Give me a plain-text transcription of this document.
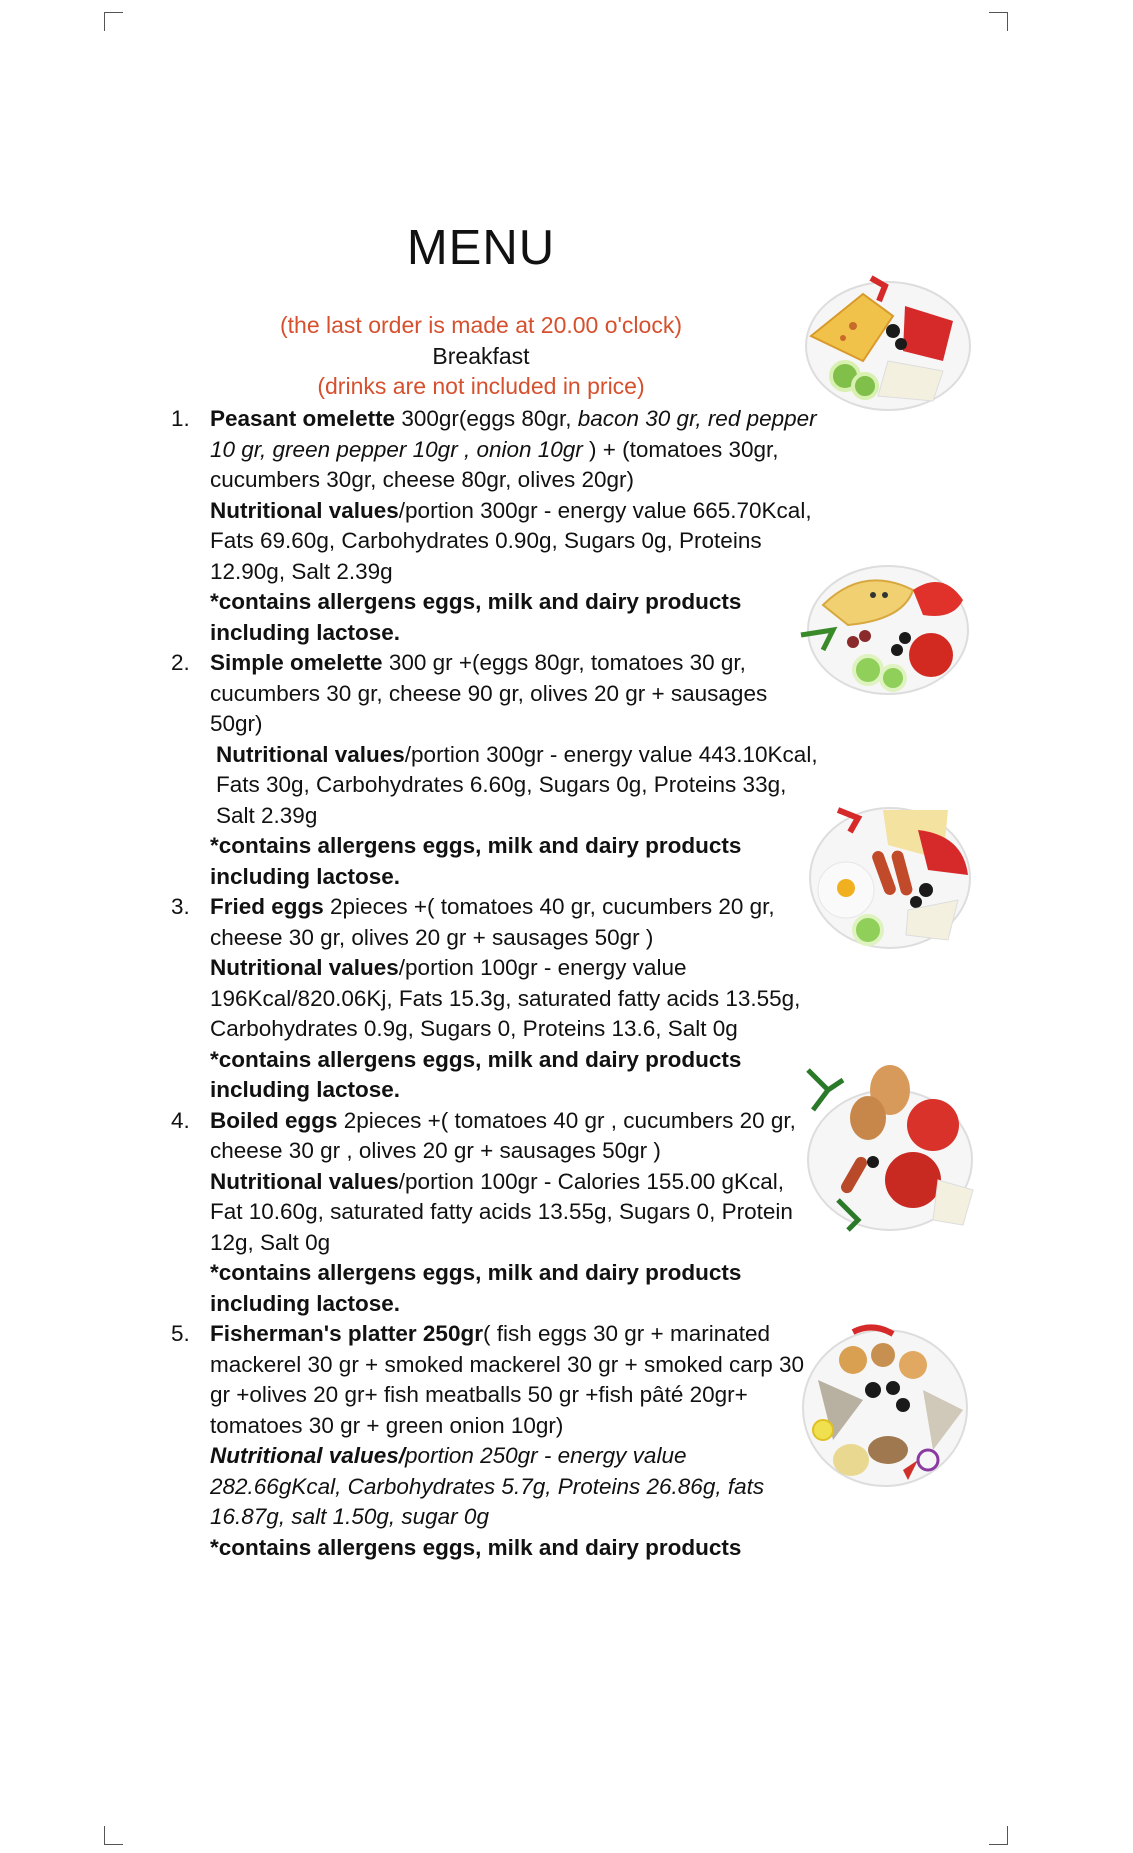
MENU
(the last order is made at 20.00 o'clock)
Breakfast
(drinks are not included in price)
1. Peasant omelette 300gr(eggs 80gr, bacon 30 gr, red pepper 10 gr, green pepper 10gr , onion 10gr ) + (tomatoes 30gr, cucumbers 30gr, cheese 80gr, olives 20gr)

Nutritional values/portion 300gr - energy value 665.70Kcal, Fats 69.60g, Carbohydrates 0.90g, Sugars 0g, Proteins 12.90g, Salt 2.39g

*contains allergens eggs, milk and dairy products including lactose.

2. Simple omelette 300 gr +(eggs 80gr, tomatoes 30 gr, cucumbers 30 gr, cheese 90 gr, olives 20 gr + sausages 50gr)

Nutritional values/portion 300gr - energy value 443.10Kcal, Fats 30g, Carbohydrates 6.60g, Sugars 0g, Proteins 33g, Salt 2.39g

*contains allergens eggs, milk and dairy products including lactose.

3. Fried eggs 2pieces +( tomatoes 40 gr, cucumbers 20 gr, cheese 30 gr, olives 20 gr + sausages 50gr )

Nutritional values/portion 100gr - energy value 196Kcal/820.06Kj, Fats 15.3g, saturated fatty acids 13.55g, Carbohydrates 0.9g, Sugars 0, Proteins 13.6, Salt 0g

*contains allergens eggs, milk and dairy products including lactose.

4. Boiled eggs 2pieces +( tomatoes 40 gr , cucumbers 20 gr, cheese 30 gr , olives 20 gr + sausages 50gr )

Nutritional values/portion 100gr - Calories 155.00 gKcal, Fat 10.60g, saturated fatty acids 13.55g, Sugars 0, Protein 12g, Salt 0g

*contains allergens eggs, milk and dairy products including lactose.

5. Fisherman's platter 250gr( fish eggs 30 gr + marinated mackerel 30 gr + smoked mackerel 30 gr + smoked carp 30 gr +olives 20 gr+ fish meatballs 50 gr +fish pâté 20gr+ tomatoes 30 gr + green onion 10gr)

Nutritional values/portion 250gr - energy value 282.66gKcal, Carbohydrates 5.7g, Proteins 26.86g, fats 16.87g, salt 1.50g, sugar 0g

*contains allergens eggs, milk and dairy products
